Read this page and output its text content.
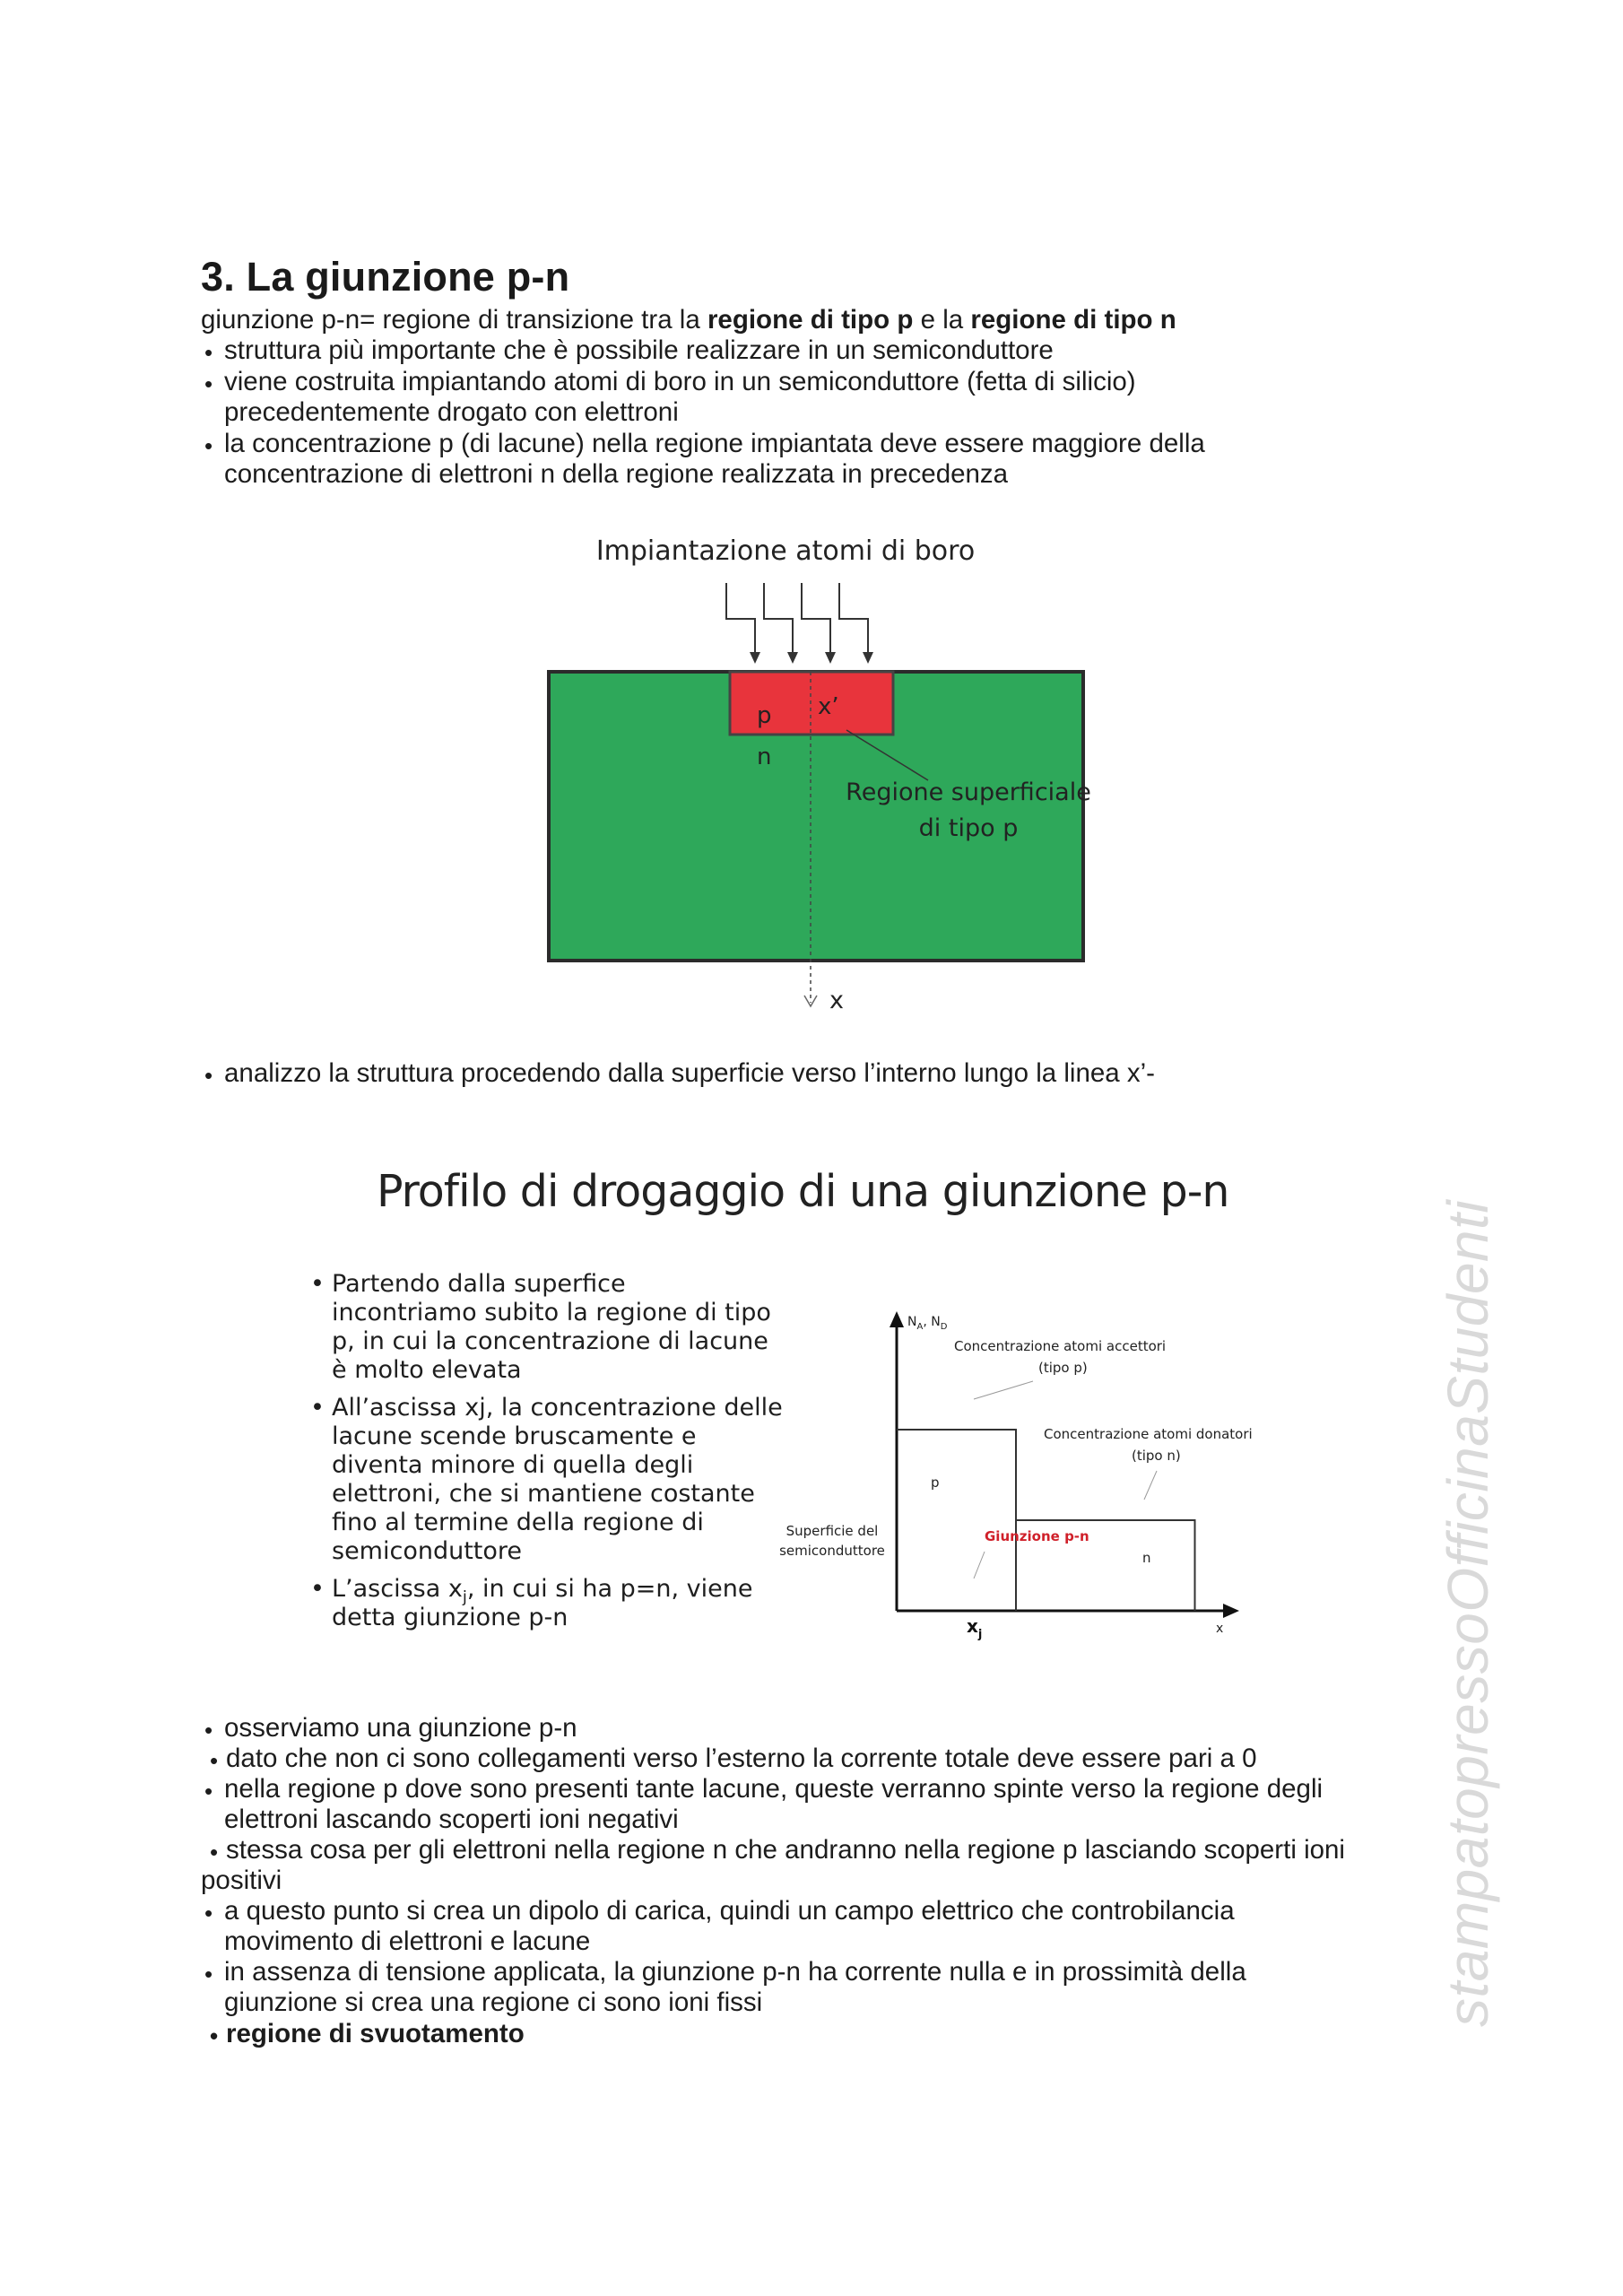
3. La giunzione p-n
giunzione p-n= regione di transizione tra la regione di tipo p e la regione di tipo n
• struttura più importante che è possibile realizzare in un semiconduttore
• viene costruita impiantando atomi di boro in un semiconduttore (fetta di silicio)
precedentemente drogato con elettroni
• la concentrazione p (di lacune) nella regione impiantata deve essere maggiore della
concentrazione di elettroni n della regione realizzata in precedenza
Impiantazione atomi di boro
p x’
n
Regione superficiale
di tipo p
x
• analizzo la struttura procedendo dalla superficie verso l’interno lungo la linea x’-
Profilo di drogaggio di una giunzione p-n
• Partendo dalla superfice
incontriamo subito la regione di tipo
p, in cui la concentrazione di lacune
è molto elevata
• All’ascissa xj, la concentrazione delle
lacune scende bruscamente e
diventa minore di quella degli
elettroni, che si mantiene costante
fino al termine della regione di
semiconduttore
• L’ascissa $x_j$, in cui si ha p=n, viene
detta giunzione p-n
$N_A$, $N_D$
p
n
Concentrazione atomi accettori
(tipo p)
Concentrazione atomi donatori
(tipo n)
Superficie del
semiconduttore
Giunzione p-n
$x_j$	x
• osserviamo una giunzione p-n
• dato che non ci sono collegamenti verso l’esterno la corrente totale deve essere pari a 0
• nella regione p dove sono presenti tante lacune, queste verranno spinte verso la regione degli
elettroni lascando scoperti ioni negativi
• stessa cosa per gli elettroni nella regione n che andranno nella regione p lasciando scoperti ioni
positivi
• a questo punto si crea un dipolo di carica, quindi un campo elettrico che controbilancia
movimento di elettroni e lacune
• in assenza di tensione applicata, la giunzione p-n ha corrente nulla e in prossimità della
giunzione si crea una regione ci sono ioni fissi
• regione di svuotamento
stampatopressoOfficinaStudenti
